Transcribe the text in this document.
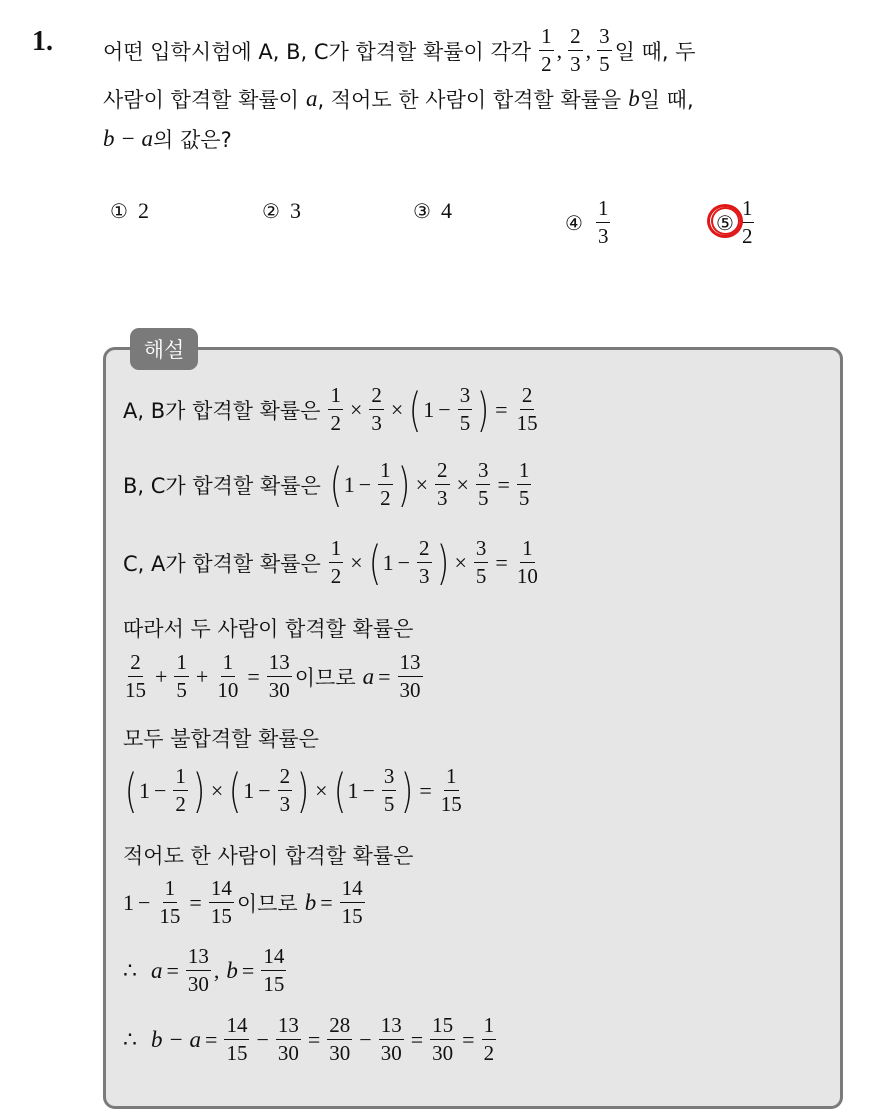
1. 어떤 입학시험에 A, B, C가 합격할 확률이 각각 $\frac{1}{2}$ , $\frac{2}{3}$ , $\frac{3}{5}$ 일 때, 두
사람이 합격할 확률이
a , 적어도 한 사람이 합격할 확률을
b 일 때,
b − a 의 값은?
① 2	② 3	③ 4	④ $\frac{1}{3}$	⑤ $\frac{1}{2}$
해설
A, B가 합격할 확률은 $\frac{1}{2} \times \frac{2}{3}$ × ( $1 - \frac{3}{5}$ ) = $\frac{2}{15}$
B, C가 합격할 확률은 ( $1 - \frac{1}{2}$ ) × $\frac{2}{3} \times \frac{3}{5} = \frac{1}{5}$
C, A가 합격할 확률은 $\frac{1}{2}$ × ( $1 - \frac{2}{3}$ ) × $\frac{3}{5} = \frac{1}{10}$
따라서 두 사람이 합격할 확률은
$\frac{2}{15} + \frac{1}{5} + \frac{1}{10} = \frac{13}{30}$ 이므로
$a = \frac{13}{30}$
모두 불합격할 확률은
( $1 - \frac{1}{2}$ ) × ( $1 - \frac{2}{3}$ ) × ( $1 - \frac{3}{5}$ ) = $\frac{1}{15}$
적어도 한 사람이 합격할 확률은
$1 - \frac{1}{15} = \frac{14}{15}$ 이므로
$b = \frac{14}{15}$
∴
$a = \frac{13}{30}$ ,
$b = \frac{14}{15}$
∴
$b - a = \frac{14}{15} - \frac{13}{30} = \frac{28}{30} - \frac{13}{30} = \frac{15}{30} = \frac{1}{2}$
